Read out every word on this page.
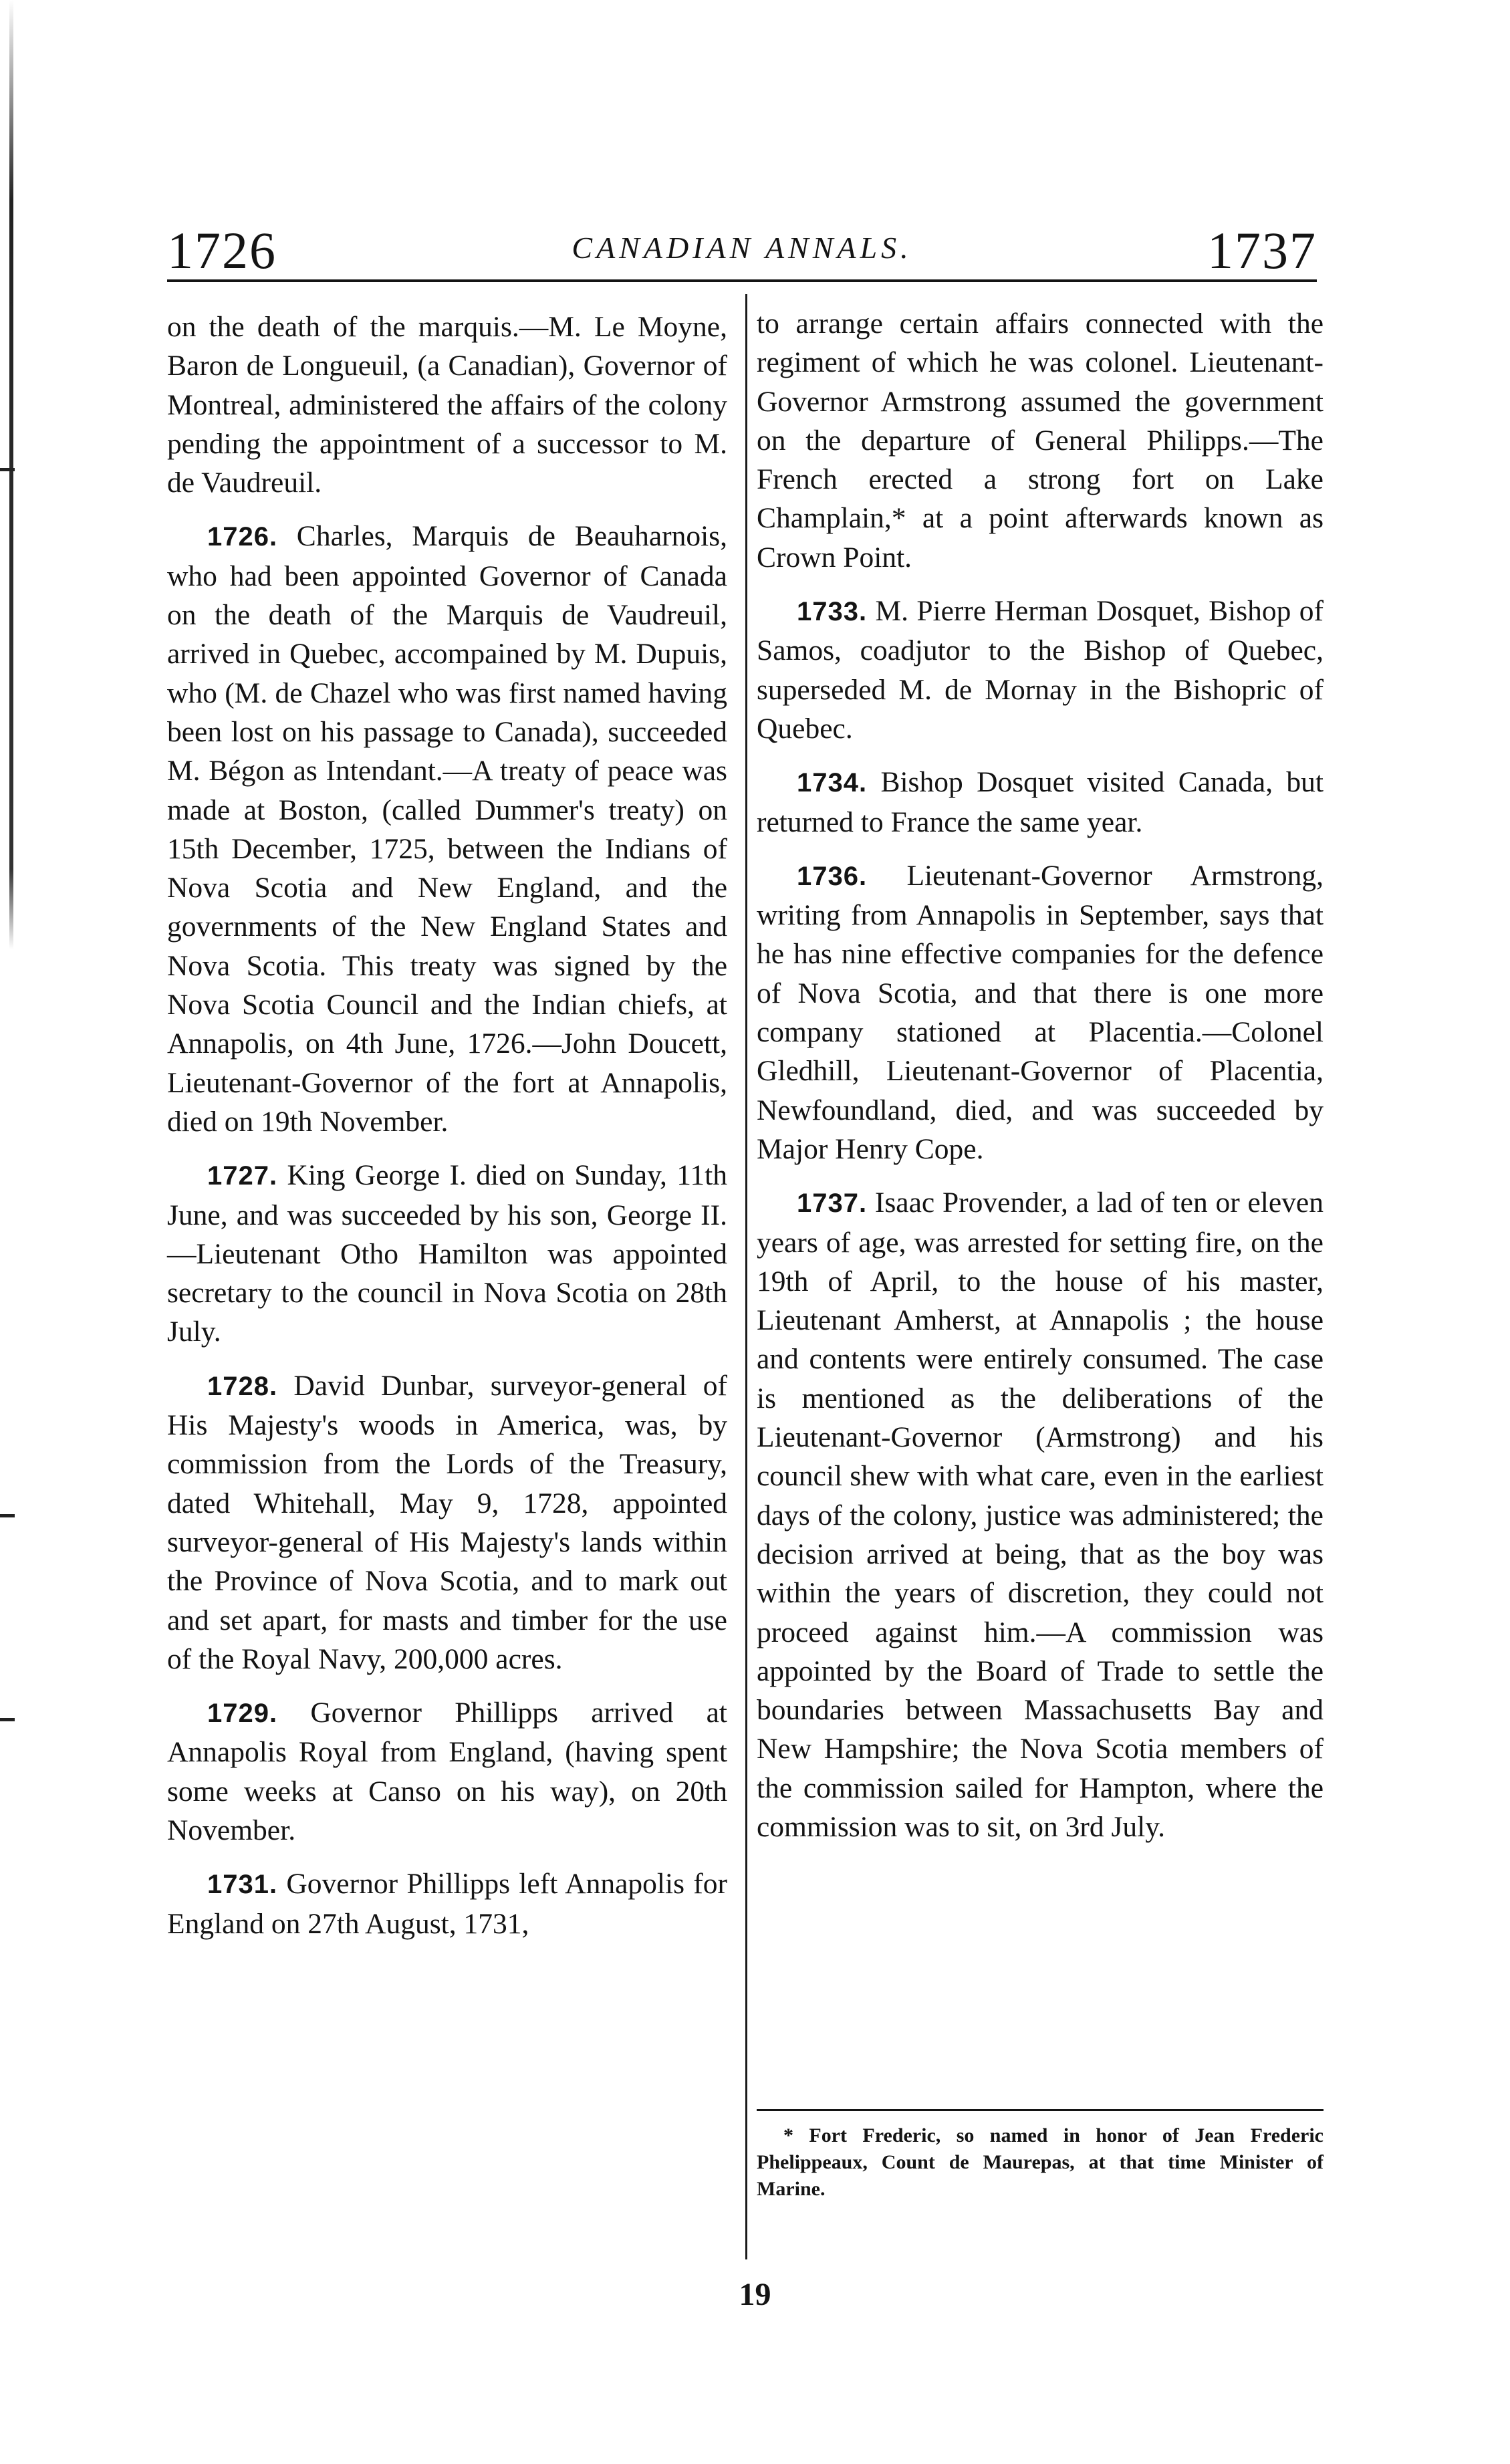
1726	CANADIAN ANNALS.	1737

on the death of the marquis.—M. Le Moyne, Baron de Longueuil, (a Canadian), Governor of Montreal, administered the affairs of the colony pending the appointment of a successor to M. de Vaudreuil.

1726. Charles, Marquis de Beauharnois, who had been appointed Governor of Canada on the death of the Marquis de Vaudreuil, arrived in Quebec, accompained by M. Dupuis, who (M. de Chazel who was first named having been lost on his passage to Canada), succeeded M. Bégon as Intendant.—A treaty of peace was made at Boston, (called Dummer's treaty) on 15th December, 1725, between the Indians of Nova Scotia and New England, and the governments of the New England States and Nova Scotia. This treaty was signed by the Nova Scotia Council and the Indian chiefs, at Annapolis, on 4th June, 1726.—John Doucett, Lieutenant-Governor of the fort at Annapolis, died on 19th November.

1727. King George I. died on Sunday, 11th June, and was succeeded by his son, George II.—Lieutenant Otho Hamilton was appointed secretary to the council in Nova Scotia on 28th July.

1728. David Dunbar, surveyor-general of His Majesty's woods in America, was, by commission from the Lords of the Treasury, dated Whitehall, May 9, 1728, appointed surveyor-general of His Majesty's lands within the Province of Nova Scotia, and to mark out and set apart, for masts and timber for the use of the Royal Navy, 200,000 acres.

1729. Governor Phillipps arrived at Annapolis Royal from England, (having spent some weeks at Canso on his way), on 20th November.

1731. Governor Phillipps left Annapolis for England on 27th August, 1731,

to arrange certain affairs connected with the regiment of which he was colonel. Lieutenant-Governor Armstrong assumed the government on the departure of General Philipps.—The French erected a strong fort on Lake Champlain,* at a point afterwards known as Crown Point.

1733. M. Pierre Herman Dosquet, Bishop of Samos, coadjutor to the Bishop of Quebec, superseded M. de Mornay in the Bishopric of Quebec.

1734. Bishop Dosquet visited Canada, but returned to France the same year.

1736. Lieutenant-Governor Armstrong, writing from Annapolis in September, says that he has nine effective companies for the defence of Nova Scotia, and that there is one more company stationed at Placentia.—Colonel Gledhill, Lieutenant-Governor of Placentia, Newfoundland, died, and was succeeded by Major Henry Cope.

1737. Isaac Provender, a lad of ten or eleven years of age, was arrested for setting fire, on the 19th of April, to the house of his master, Lieutenant Amherst, at Annapolis ; the house and contents were entirely consumed. The case is mentioned as the deliberations of the Lieutenant-Governor (Armstrong) and his council shew with what care, even in the earliest days of the colony, justice was administered; the decision arrived at being, that as the boy was within the years of discretion, they could not proceed against him.—A commission was appointed by the Board of Trade to settle the boundaries between Massachusetts Bay and New Hampshire; the Nova Scotia members of the commission sailed for Hampton, where the commission was to sit, on 3rd July.

* Fort Frederic, so named in honor of Jean Frederic Phelippeaux, Count de Maurepas, at that time Minister of Marine.
19
